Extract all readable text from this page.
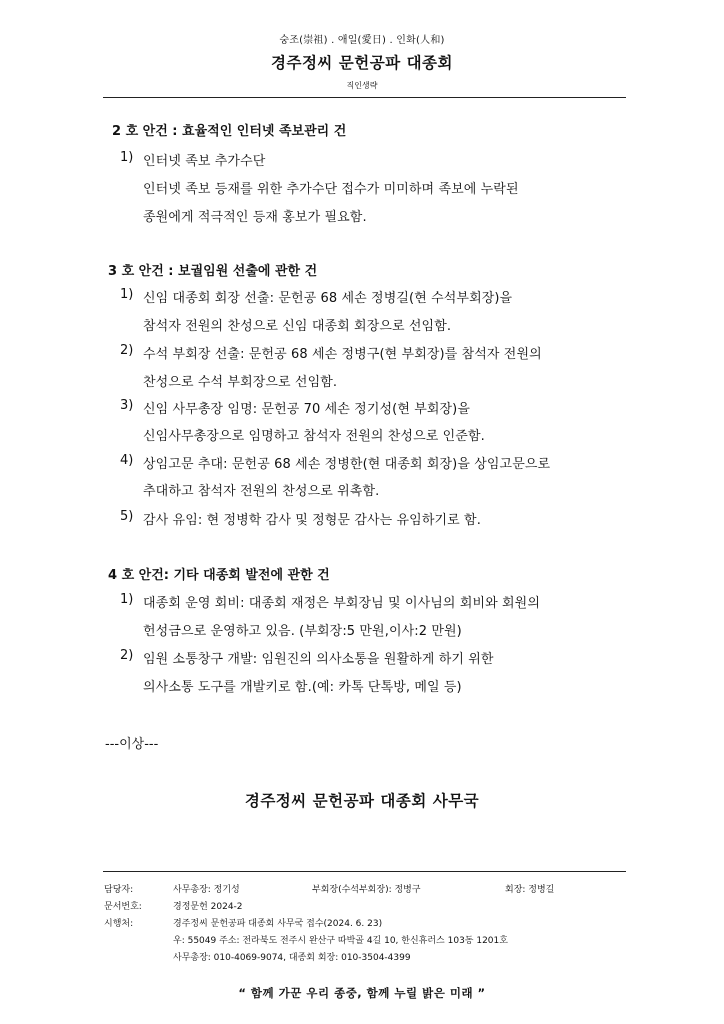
숭조(崇祖) . 애일(愛日) . 인화(人和)
경주정씨 문헌공파 대종회
직인생략
2 호 안건 : 효율적인 인터넷 족보관리 건
1) 인터넷 족보 추가수단
인터넷 족보 등재를 위한 추가수단 접수가 미미하며 족보에 누락된
종원에게 적극적인 등재 홍보가 필요함.
3 호 안건 : 보궐임원 선출에 관한 건
1) 신임 대종회 회장 선출: 문헌공 68 세손 정병길(현 수석부회장)을
참석자 전원의 찬성으로 신임 대종회 회장으로 선임함.
2) 수석 부회장 선출: 문헌공 68 세손 정병구(현 부회장)를 참석자 전원의
찬성으로 수석 부회장으로 선임함.
3) 신임 사무총장 임명: 문헌공 70 세손 정기성(현 부회장)을
신임사무총장으로 임명하고 참석자 전원의 찬성으로 인준함.
4) 상임고문 추대: 문헌공 68 세손 정병한(현 대종회 회장)을 상임고문으로
추대하고 참석자 전원의 찬성으로 위촉함.
5) 감사 유임: 현 정병학 감사 및 정형문 감사는 유임하기로 함.
4 호 안건: 기타 대종회 발전에 관한 건
1) 대종회 운영 회비: 대종회 재정은 부회장님 및 이사님의 회비와 회원의
헌성금으로 운영하고 있음. (부회장:5 만원,이사:2 만원)
2) 임원 소통창구 개발: 임원진의 의사소통을 원활하게 하기 위한
의사소통 도구를 개발키로 함.(예: 카톡 단톡방, 메일 등)
---이상---
경주정씨 문헌공파 대종회 사무국
담당자:	사무총장: 정기성	부회장(수석부회장): 정병구	회장: 정병길
문서번호:	경정문헌 2024-2
시행처:	경주정씨 문헌공파 대종회 사무국 접수(2024. 6. 23)
우: 55049 주소: 전라북도 전주시 완산구 따박골 4길 10, 한신휴러스 103동 1201호
사무총장: 010-4069-9074, 대종회 회장: 010-3504-4399
“ 함께 가꾼 우리 종중, 함께 누릴 밝은 미래 ”
